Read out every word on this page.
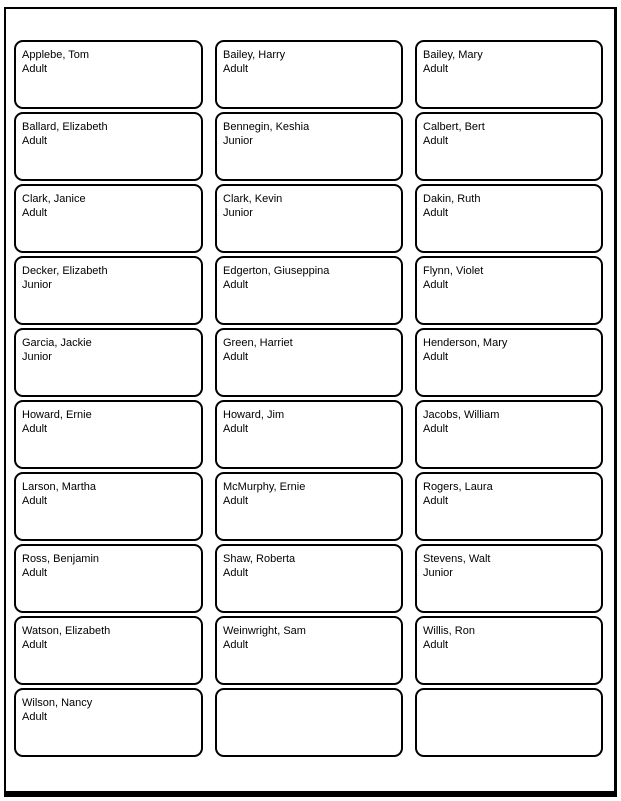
Applebe, Tom
Adult
Bailey, Harry
Adult
Bailey, Mary
Adult
Ballard, Elizabeth
Adult
Bennegin, Keshia
Junior
Calbert, Bert
Adult
Clark, Janice
Adult
Clark, Kevin
Junior
Dakin, Ruth
Adult
Decker, Elizabeth
Junior
Edgerton, Giuseppina
Adult
Flynn, Violet
Adult
Garcia, Jackie
Junior
Green, Harriet
Adult
Henderson, Mary
Adult
Howard, Ernie
Adult
Howard, Jim
Adult
Jacobs, William
Adult
Larson, Martha
Adult
McMurphy, Ernie
Adult
Rogers, Laura
Adult
Ross, Benjamin
Adult
Shaw, Roberta
Adult
Stevens, Walt
Junior
Watson, Elizabeth
Adult
Weinwright, Sam
Adult
Willis, Ron
Adult
Wilson, Nancy
Adult
